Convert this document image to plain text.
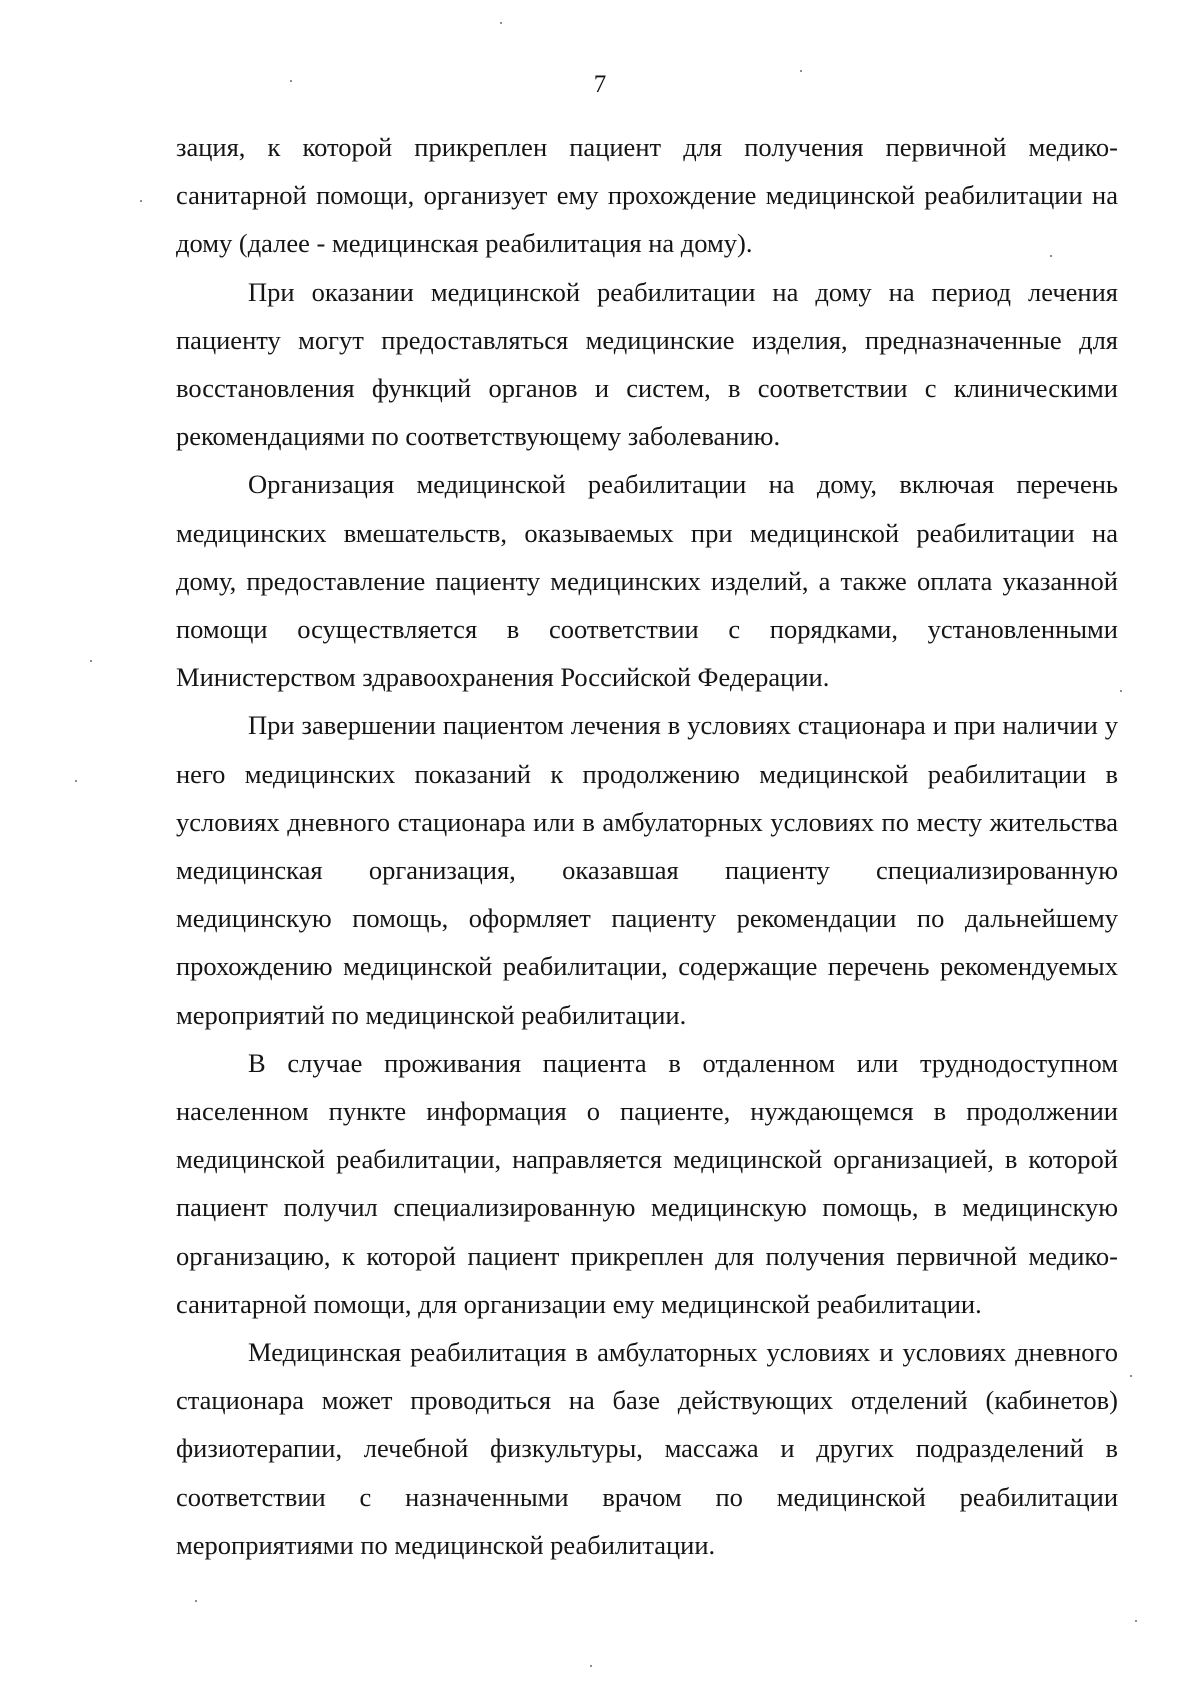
7

зация, к которой прикреплен пациент для получения первичной медико-санитарной помощи, организует ему прохождение медицинской реабилитации на дому (далее - медицинская реабилитация на дому).

При оказании медицинской реабилитации на дому на период лечения пациенту могут предоставляться медицинские изделия, предназначенные для восстановления функций органов и систем, в соответствии с клиническими рекомендациями по соответствующему заболеванию.

Организация медицинской реабилитации на дому, включая перечень медицинских вмешательств, оказываемых при медицинской реабилитации на дому, предоставление пациенту медицинских изделий, а также оплата указанной помощи осуществляется в соответствии с порядками, установленными Министерством здравоохранения Российской Федерации.

При завершении пациентом лечения в условиях стационара и при наличии у него медицинских показаний к продолжению медицинской реабилитации в условиях дневного стационара или в амбулаторных условиях по месту жительства медицинская организация, оказавшая пациенту специализированную медицинскую помощь, оформляет пациенту рекомендации по дальнейшему прохождению медицинской реабилитации, содержащие перечень рекомендуемых мероприятий по медицинской реабилитации.

В случае проживания пациента в отдаленном или труднодоступном населенном пункте информация о пациенте, нуждающемся в продолжении медицинской реабилитации, направляется медицинской организацией, в которой пациент получил специализированную медицинскую помощь, в медицинскую организацию, к которой пациент прикреплен для получения первичной медико-санитарной помощи, для организации ему медицинской реабилитации.

Медицинская реабилитация в амбулаторных условиях и условиях дневного стационара может проводиться на базе действующих отделений (кабинетов) физиотерапии, лечебной физкультуры, массажа и других подразделений в соответствии с назначенными врачом по медицинской реабилитации мероприятиями по медицинской реабилитации.
